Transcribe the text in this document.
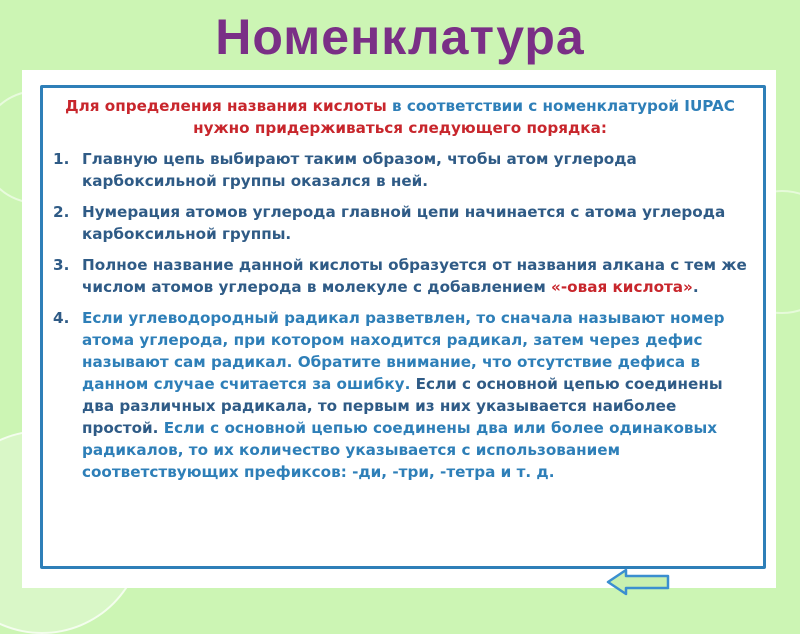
Номенклатура
Для определения названия кислоты в соответствии с номенклатурой IUPAC нужно придерживаться следующего порядка:
1. Главную цепь выбирают таким образом, чтобы атом углерода карбоксильной группы оказался в ней.
2. Нумерация атомов углерода главной цепи начинается с атома углерода карбоксильной группы.
3. Полное название данной кислоты образуется от названия алкана с тем же числом атомов углерода в молекуле с добавлением «-овая кислота».
4. Если углеводородный радикал разветвлен, то сначала называют номер атома углерода, при котором находится радикал, затем через дефис называют сам радикал. Обратите внимание, что отсутствие дефиса в данном случае считается за ошибку. Если с основной цепью соединены два различных радикала, то первым из них указывается наиболее простой. Если с основной цепью соединены два или более одинаковых радикалов, то их количество указывается с использованием соответствующих префиксов: -ди, -три, -тетра и т. д.
